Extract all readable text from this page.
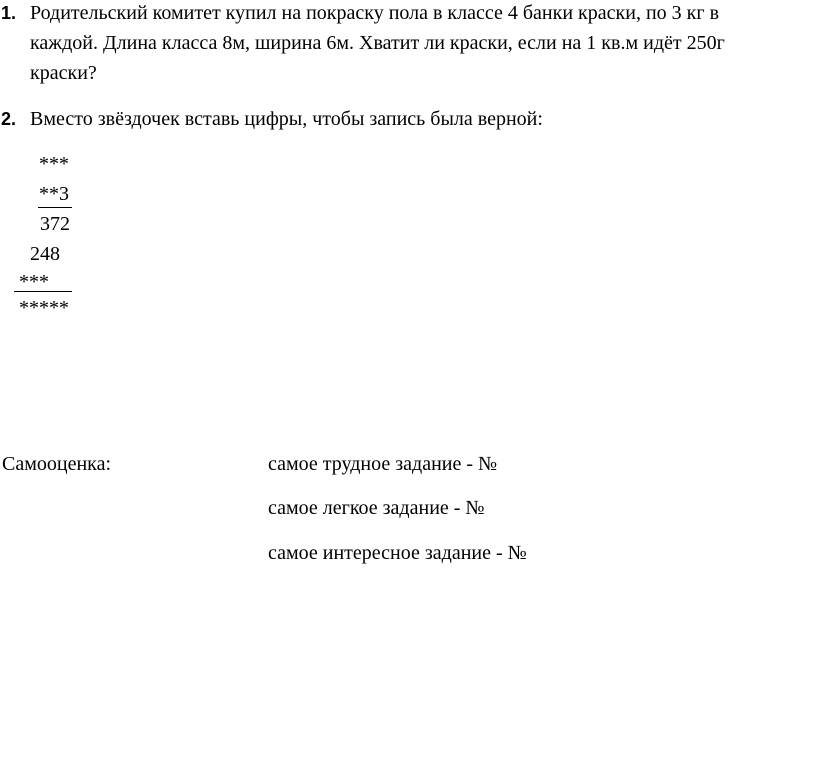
1. Родительский комитет купил на покраску пола в классе 4 банки краски, по 3 кг в
каждой. Длина класса 8м, ширина 6м. Хватит ли краски, если на 1 кв.м идёт 250г
краски?
2. Вместо звёздочек вставь цифры, чтобы запись была верной:
***
**3
372
248
***
*****
Самооценка:	самое трудное задание - №
самое легкое задание - №
самое интересное задание - №
